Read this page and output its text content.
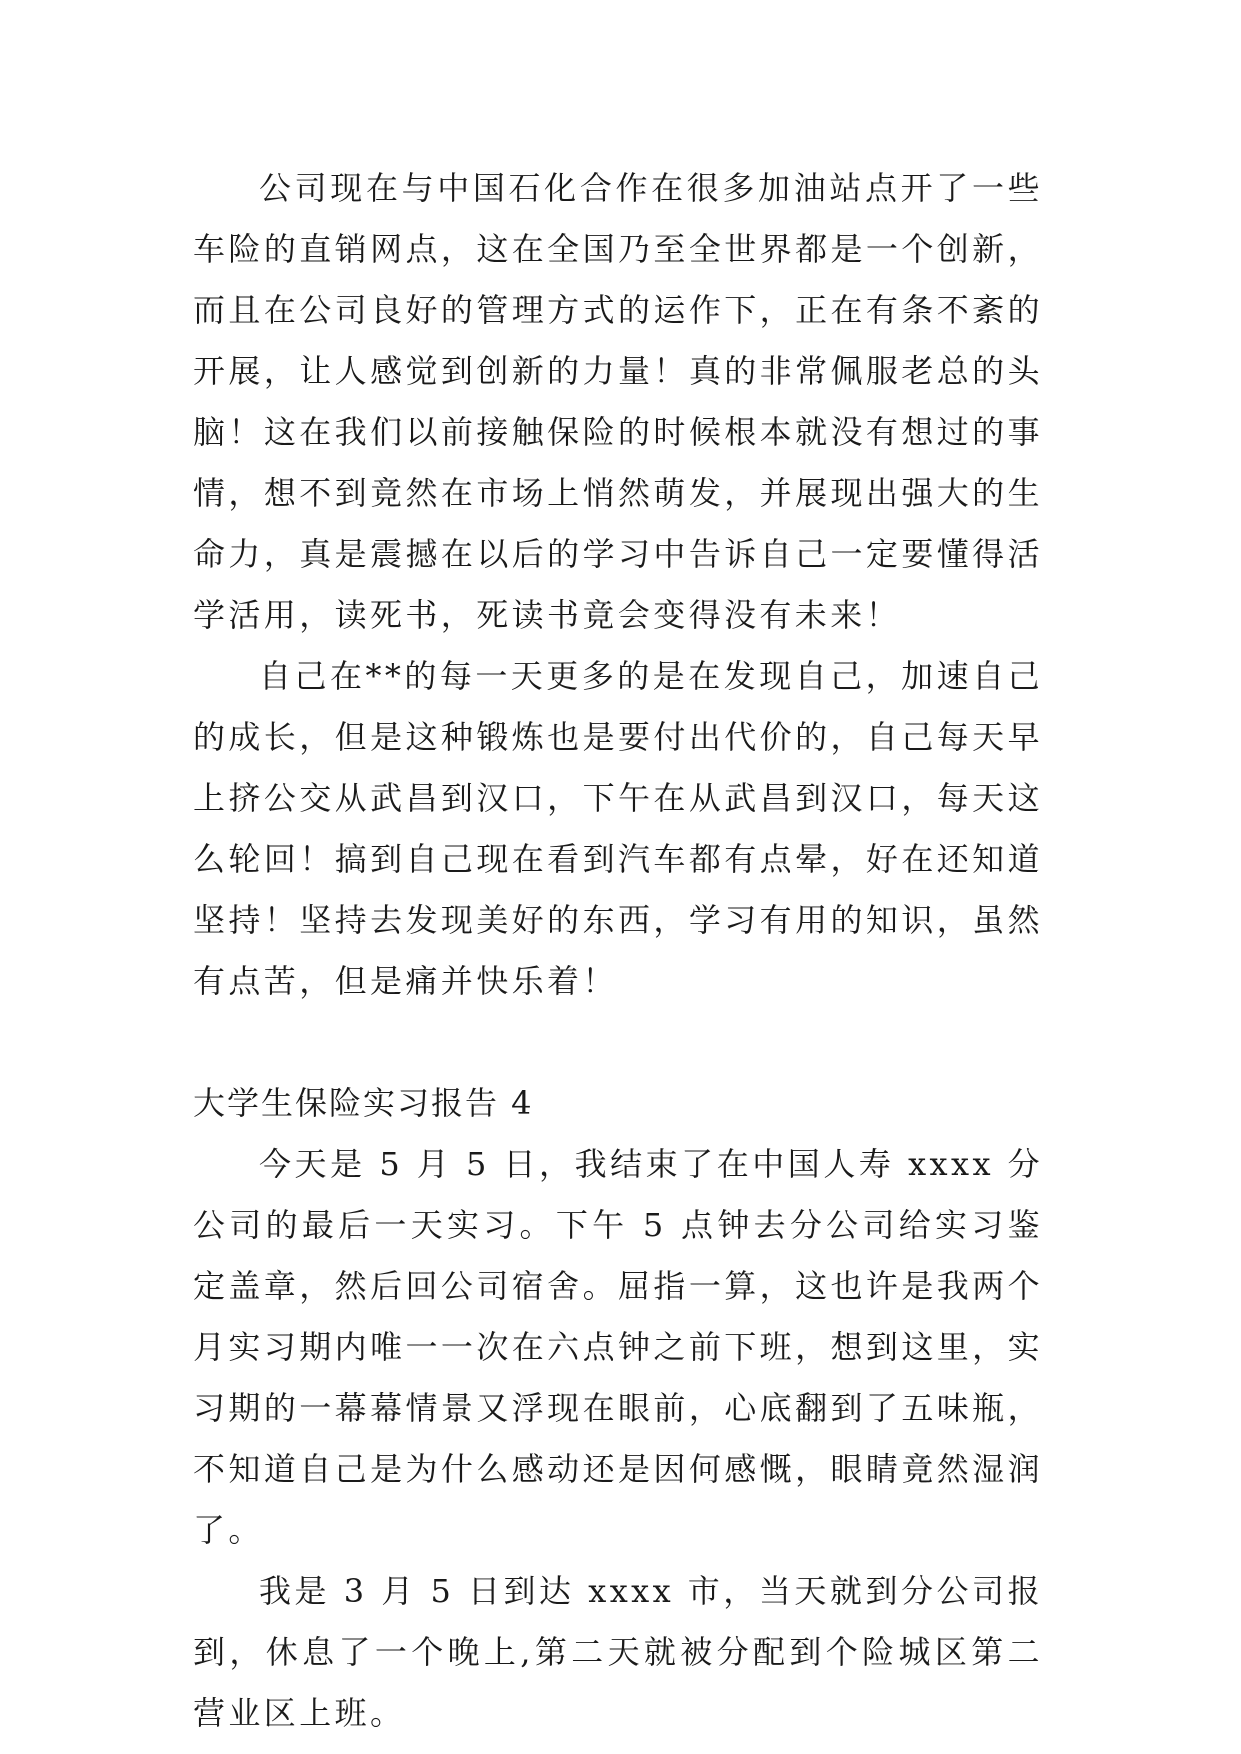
公司现在与中国石化合作在很多加油站点开了一些车险的直销网点，这在全国乃至全世界都是一个创新，而且在公司良好的管理方式的运作下，正在有条不紊的开展，让人感觉到创新的力量！真的非常佩服老总的头脑！这在我们以前接触保险的时候根本就没有想过的事情，想不到竟然在市场上悄然萌发，并展现出强大的生命力，真是震撼在以后的学习中告诉自己一定要懂得活学活用，读死书，死读书竟会变得没有未来！

自己在**的每一天更多的是在发现自己，加速自己的成长，但是这种锻炼也是要付出代价的，自己每天早上挤公交从武昌到汉口，下午在从武昌到汉口，每天这么轮回！搞到自己现在看到汽车都有点晕，好在还知道坚持！坚持去发现美好的东西，学习有用的知识，虽然有点苦，但是痛并快乐着！

大学生保险实习报告 4

今天是 5 月 5 日，我结束了在中国人寿 xxxx 分公司的最后一天实习。下午 5 点钟去分公司给实习鉴定盖章，然后回公司宿舍。屈指一算，这也许是我两个月实习期内唯一一次在六点钟之前下班，想到这里，实习期的一幕幕情景又浮现在眼前，心底翻到了五味瓶，不知道自己是为什么感动还是因何感慨，眼睛竟然湿润了。

我是 3 月 5 日到达 xxxx 市，当天就到分公司报到，休息了一个晚上,第二天就被分配到个险城区第二营业区上班。
